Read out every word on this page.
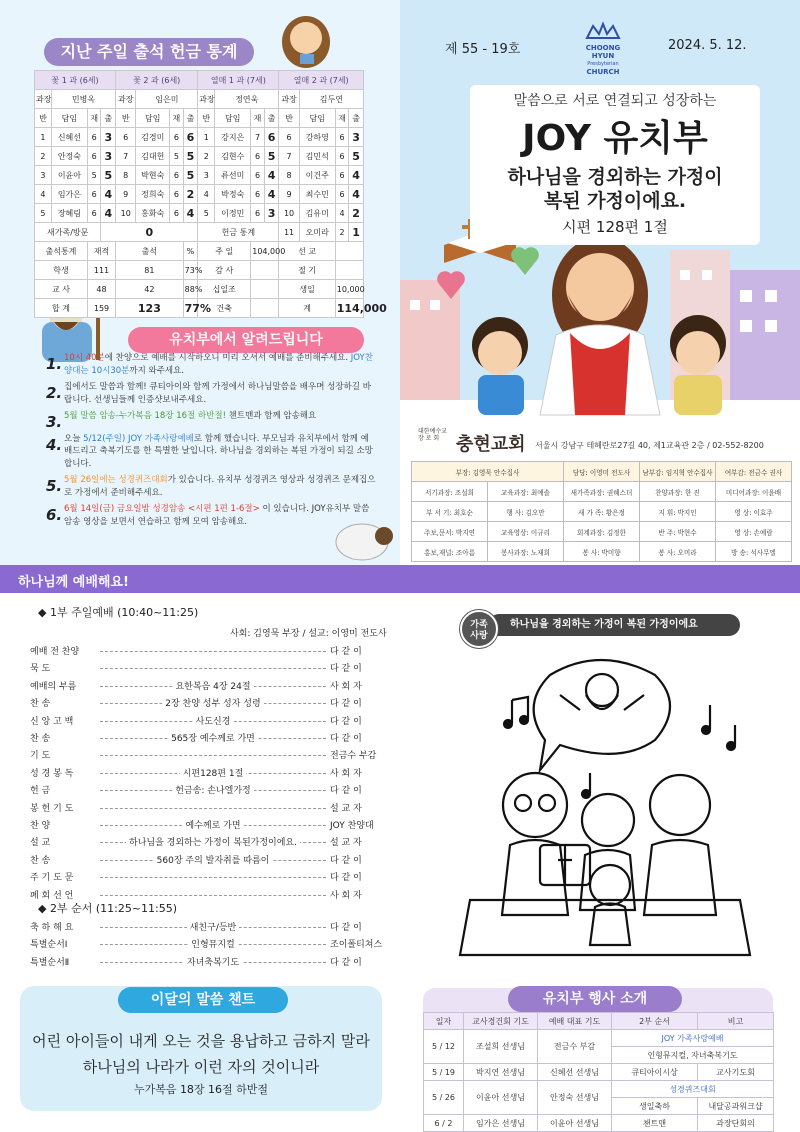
지난 주일 출석 헌금 통계
꽃 1 과 (6세)				꽃 2 과 (6세)				열매 1 과 (7세)				열매 2 과 (7세)			
과장	민병옥			과장	임은미			과장	정연욱			과장	김두연		
반	담임	재	출	반	담임	재	출	반	담임	재	출	반	담임	재	출
1	신혜선	6	3	6	김경미	6	6	1	강지은	7	6	6	강하영	6	3
2	안정숙	6	3	7	김대헌	5	5	2	김현수	6	5	7	김민석	6	5
3	이윤아	5	5	8	박현숙	6	5	3	류선미	6	4	8	이건주	6	4
4	임가은	6	4	9	정희숙	6	2	4	박정숙	6	4	9	최수민	6	4
5	장혜림	6	4	10	홍화숙	6	4	5	이정민	6	3	10	김유미	4	2
새가족/방문			0					헌금 통계				11	오미라	2	1
출석통계		재적		출석			%	주 일		104,000		선 교			
학생		111		81			73%	감 사				절 기			
교 사		48		42			88%	십일조				생일		10,000	
합 계		159		123			77%	건축				계		114,000	
유치부에서 알려드립니다
1. 10시 40분에 찬양으로 예배를 시작하오니 미리 오셔서 예배를 준비해주세요. JOY찬양대는 10시30분까지 와주세요.
2. 집에서도 말씀과 함께! 큐티아이와 함께 가정에서 하나님말씀을 배우며 성장하길 바랍니다. 선생님들께 인증샷보내주세요.
3. 5월 말씀 암송-누가복음 18장 16절 하반절! 챈트맨과 함께 암송해요
4. 오늘 5/12(주일) JOY 가족사랑예배로 함께 했습니다. 부모님과 유치부에서 함께 예배드리고 축복기도를 한 특별한 날입니다. 하나님을 경외하는 복된 가정이 되길 소망합니다.
5. 5월 26일에는 성경퀴즈대회가 있습니다. 유치부 성경퀴즈 영상과 성경퀴즈 문제집으로 가정에서 준비해주세요.
6. 6월 14일(금) 금요일밤 성경암송 <시편 1편 1-6절> 이 있습니다. JOY유치부 말씀 암송 영상을 보면서 연습하고 함께 모여 암송해요.
제 55 - 19호	2024. 5. 12.
CHOONG HYUN
Presbyterian
CHURCH
말씀으로 서로 연결되고 성장하는
JOY 유치부
하나님을 경외하는 가정이
복된 가정이에요.
시편 128편 1절
대한예수교 장 로 회 충현교회 서울시 강남구 테헤란로27길 40, 제1교육관 2층 / 02-552-8200
부장: 김영묵 안수집사		담당: 이영미 전도사	남부감: 임지혁 안수집사	여부감: 전금수 권사
서기과장: 조설희	교육과장: 최예솔	새가족과장: 권혜스더	찬양과장: 한 진	미디어과장: 이윤배
부 서 기: 최호순	행 사: 김오만	새 가 족: 황은정	지 휘: 박지인	영 상: 이효주
주보,문서: 박지연	교육영상: 이규리	회계과장: 김정한	반 주: 박현수	영 상: 손예람
홍보,재널: 조아름	봉사과장: 노재희	봉 사: 박미향	봉 사: 오미라	방 송: 석사무엘
하나님께 예배해요!
◆ 1부 주일예배 (10:40~11:25)
사회: 김영묵 부장 / 설교: 이영미 전도사
예배 전 찬양	다 같 이
묵 도	다 같 이
예배의 부름	요한복음 4장 24절	사 회 자
찬 송	2장 찬양 성부 성자 성령	다 같 이
신 앙 고 백	사도신경	다 같 이
찬 송	565장 예수께로 가면	다 같 이
기 도	전금수 부감
성 경 봉 독	시편128편 1절	사 회 자
헌 금	헌금송: 손나엘가정	다 같 이
봉 헌 기 도	설 교 자
찬 양	예수께로 가면	JOY 찬양대
설 교	하나님을 경외하는 가정이 복된가정이에요.	설 교 자
찬 송	560장 주의 발자취를 따름이	다 같 이
주 기 도 문	다 같 이
폐 회 선 언	사 회 자
◆ 2부 순서 (11:25~11:55)
축 하 해 요	새친구/등반	다 같 이
특별순서Ⅰ	인형뮤지컬	조이폴티쳐스
특별순서Ⅱ	자녀축복기도	다 같 이
이달의 말씀 챈트
어린 아이들이 내게 오는 것을 용납하고 금하지 말라
하나님의 나라가 이런 자의 것이니라
누가복음 18장 16절 하반절
하나님을 경외하는 가정이 복된 가정이에요
가족
사랑
유치부 행사 소개
일자	교사경건회 기도	예배 대표 기도	2부 순서	비고
5 / 12	조설희 선생님	전금수 부감	JOY 가족사랑예배	
			인형뮤지컬, 자녀축복기도	
5 / 19	박지연 선생님	신혜선 선생님	큐티아이시상	교사기도회
5 / 26	이윤아 선생님	안정숙 선생님	성경퀴즈대회	
			생일축하	내달공과워크샵
6 / 2	임가은 선생님	이윤아 선생님	챈트맨	과장단회의
